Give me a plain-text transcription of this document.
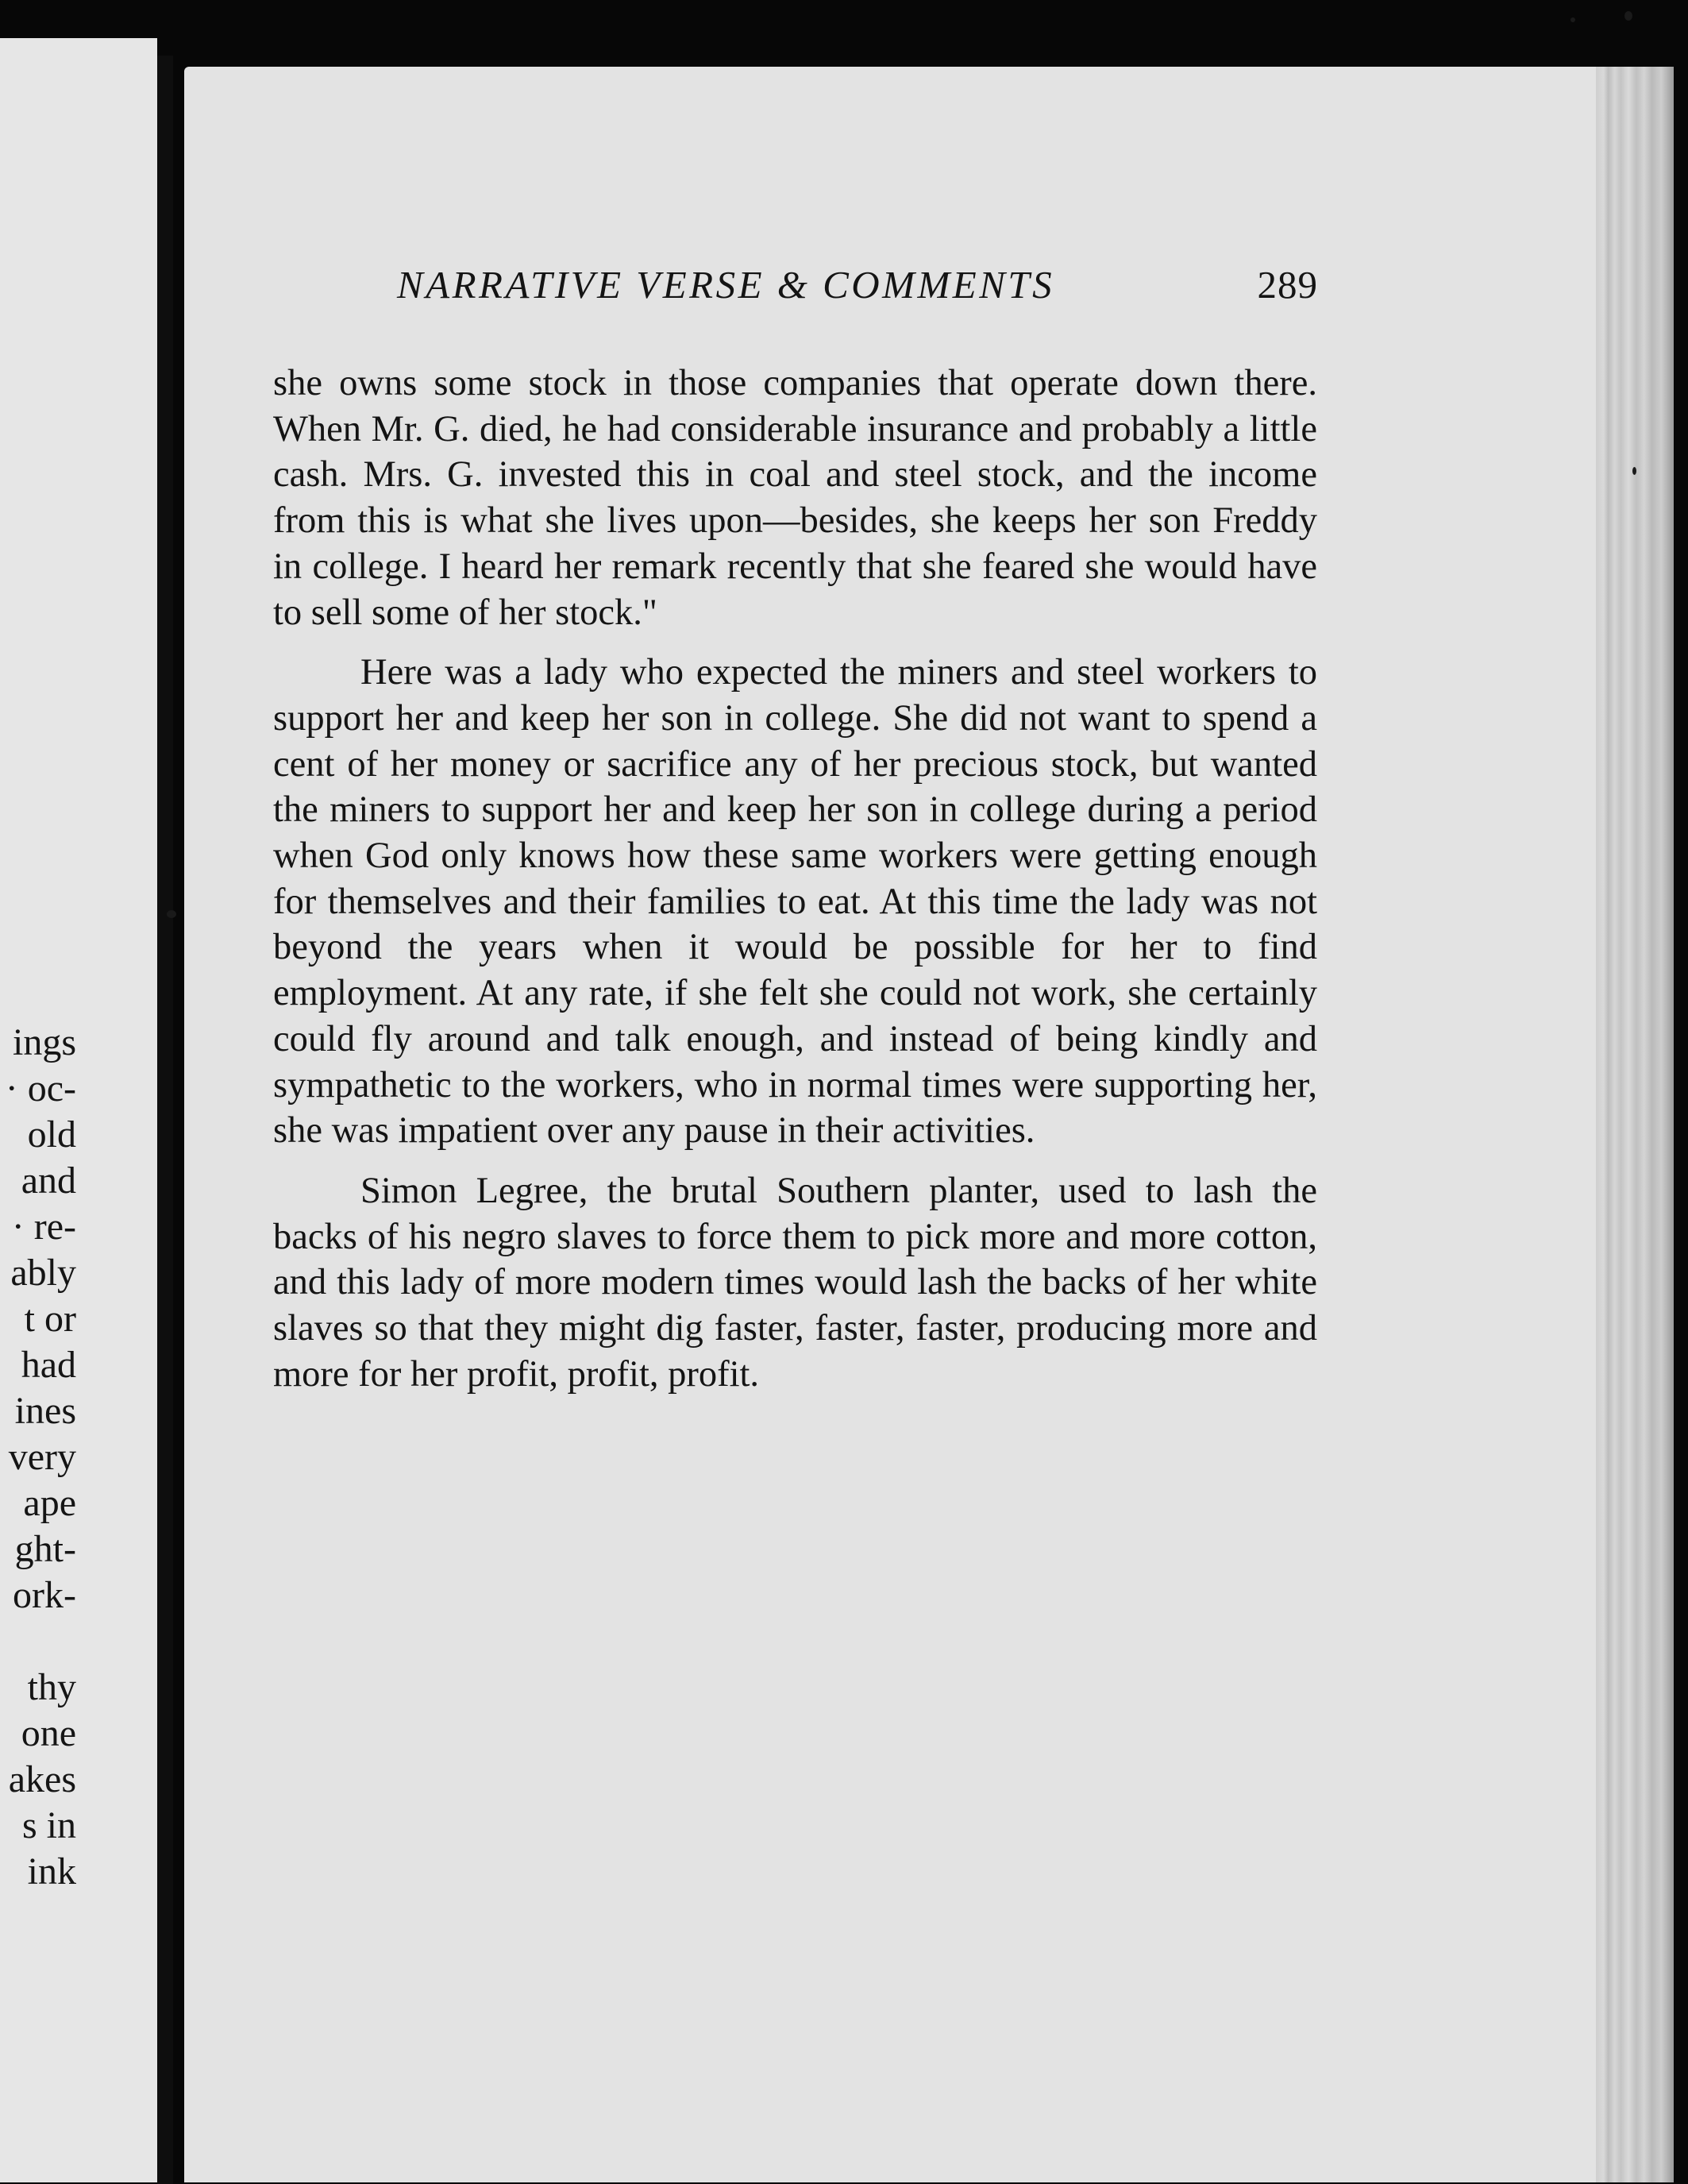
ings
· oc-
old
and
· re-
ably
t or
had
ines
very
ape
ght-
ork-
thy
one
akes
s in
ink
NARRATIVE VERSE & COMMENTS	289

she owns some stock in those companies that operate down there. When Mr. G. died, he had considerable insurance and probably a little cash. Mrs. G. invested this in coal and steel stock, and the income from this is what she lives upon—besides, she keeps her son Freddy in college. I heard her remark recently that she feared she would have to sell some of her stock."

Here was a lady who expected the miners and steel workers to support her and keep her son in college. She did not want to spend a cent of her money or sacrifice any of her precious stock, but wanted the miners to support her and keep her son in college during a period when God only knows how these same workers were getting enough for themselves and their families to eat. At this time the lady was not beyond the years when it would be possible for her to find employment. At any rate, if she felt she could not work, she certainly could fly around and talk enough, and instead of being kindly and sympathetic to the workers, who in normal times were supporting her, she was impatient over any pause in their activities.

Simon Legree, the brutal Southern planter, used to lash the backs of his negro slaves to force them to pick more and more cotton, and this lady of more modern times would lash the backs of her white slaves so that they might dig faster, faster, faster, producing more and more for her profit, profit, profit.
